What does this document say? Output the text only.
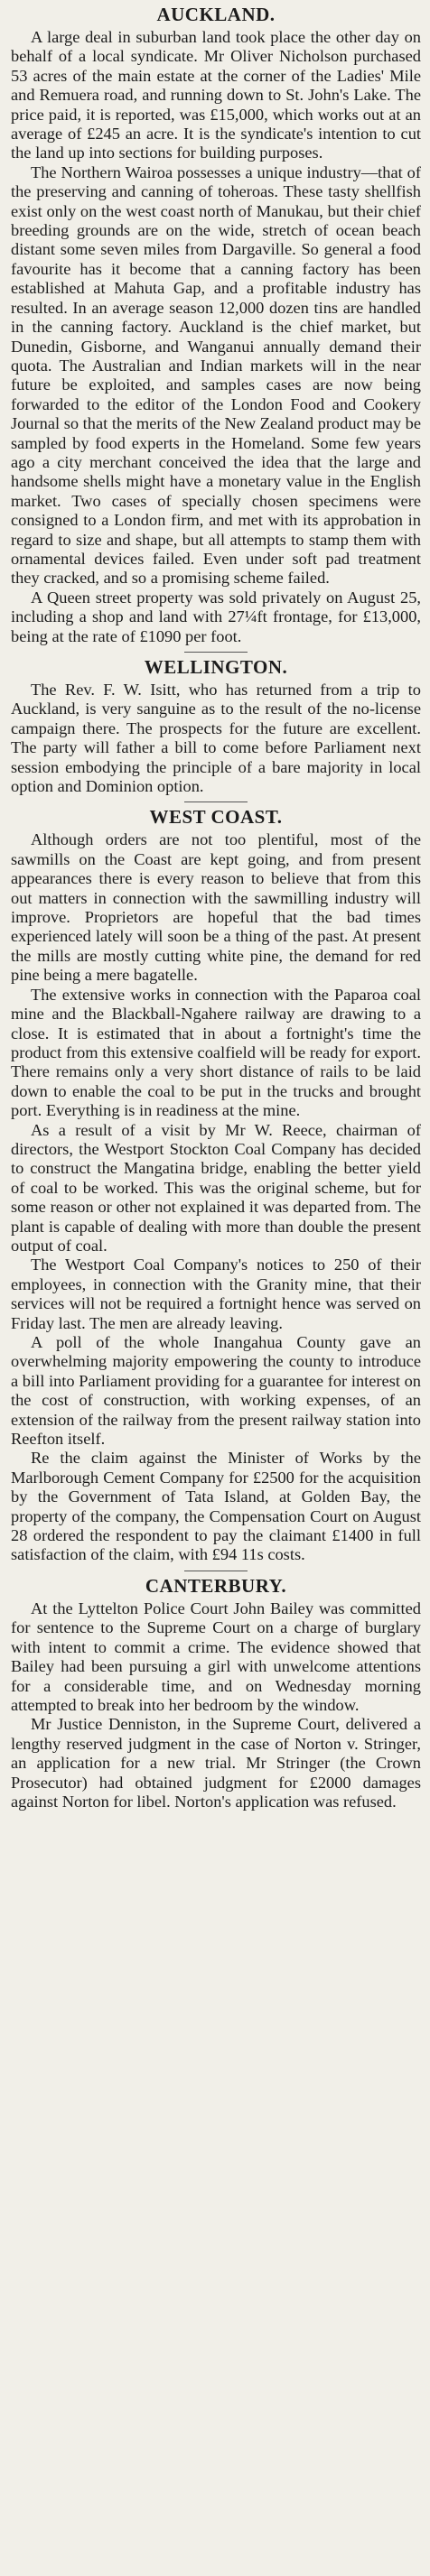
AUCKLAND.

A large deal in suburban land took place the other day on behalf of a local syndicate. Mr Oliver Nicholson purchased 53 acres of the main estate at the corner of the Ladies' Mile and Remuera road, and running down to St. John's Lake. The price paid, it is reported, was £15,000, which works out at an average of £245 an acre. It is the syndicate's intention to cut the land up into sections for building purposes.

The Northern Wairoa possesses a unique industry—that of the preserving and canning of toheroas. These tasty shellfish exist only on the west coast north of Manukau, but their chief breeding grounds are on the wide, stretch of ocean beach distant some seven miles from Dargaville. So general a food favourite has it become that a canning factory has been established at Mahuta Gap, and a profitable industry has resulted. In an average season 12,000 dozen tins are handled in the canning factory. Auckland is the chief market, but Dunedin, Gisborne, and Wanganui annually demand their quota. The Australian and Indian markets will in the near future be exploited, and samples cases are now being forwarded to the editor of the London Food and Cookery Journal so that the merits of the New Zealand product may be sampled by food experts in the Homeland. Some few years ago a city merchant conceived the idea that the large and handsome shells might have a monetary value in the English market. Two cases of specially chosen specimens were consigned to a London firm, and met with its approbation in regard to size and shape, but all attempts to stamp them with ornamental devices failed. Even under soft pad treatment they cracked, and so a promising scheme failed.

A Queen street property was sold privately on August 25, including a shop and land with 27¼ft frontage, for £13,000, being at the rate of £1090 per foot.

WELLINGTON.

The Rev. F. W. Isitt, who has returned from a trip to Auckland, is very sanguine as to the result of the no-license campaign there. The prospects for the future are excellent. The party will father a bill to come before Parliament next session embodying the principle of a bare majority in local option and Dominion option.

WEST COAST.

Although orders are not too plentiful, most of the sawmills on the Coast are kept going, and from present appearances there is every reason to believe that from this out matters in connection with the sawmilling industry will improve. Proprietors are hopeful that the bad times experienced lately will soon be a thing of the past. At present the mills are mostly cutting white pine, the demand for red pine being a mere bagatelle.

The extensive works in connection with the Paparoa coal mine and the Blackball-Ngahere railway are drawing to a close. It is estimated that in about a fortnight's time the product from this extensive coalfield will be ready for export. There remains only a very short distance of rails to be laid down to enable the coal to be put in the trucks and brought port. Everything is in readiness at the mine.

As a result of a visit by Mr W. Reece, chairman of directors, the Westport Stockton Coal Company has decided to construct the Mangatina bridge, enabling the better yield of coal to be worked. This was the original scheme, but for some reason or other not explained it was departed from. The plant is capable of dealing with more than double the present output of coal.

The Westport Coal Company's notices to 250 of their employees, in connection with the Granity mine, that their services will not be required a fortnight hence was served on Friday last. The men are already leaving.

A poll of the whole Inangahua County gave an overwhelming majority empowering the county to introduce a bill into Parliament providing for a guarantee for interest on the cost of construction, with working expenses, of an extension of the railway from the present railway station into Reefton itself.

Re the claim against the Minister of Works by the Marlborough Cement Company for £2500 for the acquisition by the Government of Tata Island, at Golden Bay, the property of the company, the Compensation Court on August 28 ordered the respondent to pay the claimant £1400 in full satisfaction of the claim, with £94 11s costs.

CANTERBURY.

At the Lyttelton Police Court John Bailey was committed for sentence to the Supreme Court on a charge of burglary with intent to commit a crime. The evidence showed that Bailey had been pursuing a girl with unwelcome attentions for a considerable time, and on Wednesday morning attempted to break into her bedroom by the window.

Mr Justice Denniston, in the Supreme Court, delivered a lengthy reserved judgment in the case of Norton v. Stringer, an application for a new trial. Mr Stringer (the Crown Prosecutor) had obtained judgment for £2000 damages against Norton for libel. Norton's application was refused.
